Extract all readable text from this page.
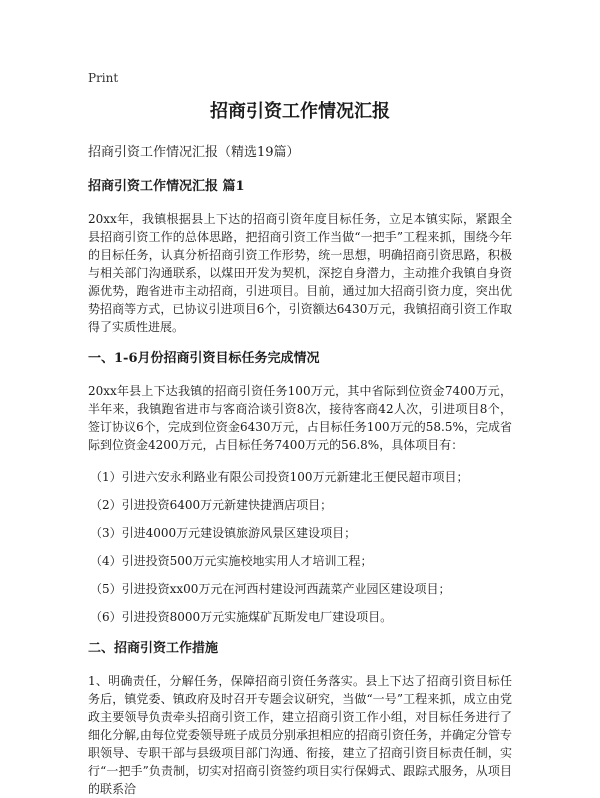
Print
招商引资工作情况汇报
招商引资工作情况汇报（精选19篇）
招商引资工作情况汇报 篇1
20xx年，我镇根据县上下达的招商引资年度目标任务，立足本镇实际，紧跟全县招商引资工作的总体思路，把招商引资工作当做“一把手”工程来抓，围绕今年的目标任务，认真分析招商引资工作形势，统一思想，明确招商引资思路，积极与相关部门沟通联系，以煤田开发为契机，深挖自身潜力，主动推介我镇自身资源优势，跑省进市主动招商，引进项目。目前，通过加大招商引资力度，突出优势招商等方式，已协议引进项目6个，引资额达6430万元，我镇招商引资工作取得了实质性进展。
一、1-6月份招商引资目标任务完成情况
20xx年县上下达我镇的招商引资任务100万元，其中省际到位资金7400万元，半年来，我镇跑省进市与客商洽谈引资8次，接待客商42人次，引进项目8个，签订协议6个，完成到位资金6430万元，占目标任务100万元的58.5%，完成省际到位资金4200万元，占目标任务7400万元的56.8%，具体项目有：
（1）引进六安永利路业有限公司投资100万元新建北王便民超市项目；
（2）引进投资6400万元新建快捷酒店项目；
（3）引进4000万元建设镇旅游风景区建设项目；
（4）引进投资500万元实施校地实用人才培训工程；
（5）引进投资xx00万元在河西村建设河西蔬菜产业园区建设项目；
（6）引进投资8000万元实施煤矿瓦斯发电厂建设项目。
二、招商引资工作措施
1、明确责任，分解任务，保障招商引资任务落实。县上下达了招商引资目标任务后，镇党委、镇政府及时召开专题会议研究，当做“一号”工程来抓，成立由党政主要领导负责牵头招商引资工作，建立招商引资工作小组，对目标任务进行了细化分解,由每位党委领导班子成员分别承担相应的招商引资任务，并确定分管专职领导、专职干部与县级项目部门沟通、衔接，建立了招商引资目标责任制，实行“一把手”负责制，切实对招商引资签约项目实行保姆式、跟踪式服务，从项目的联系洽
